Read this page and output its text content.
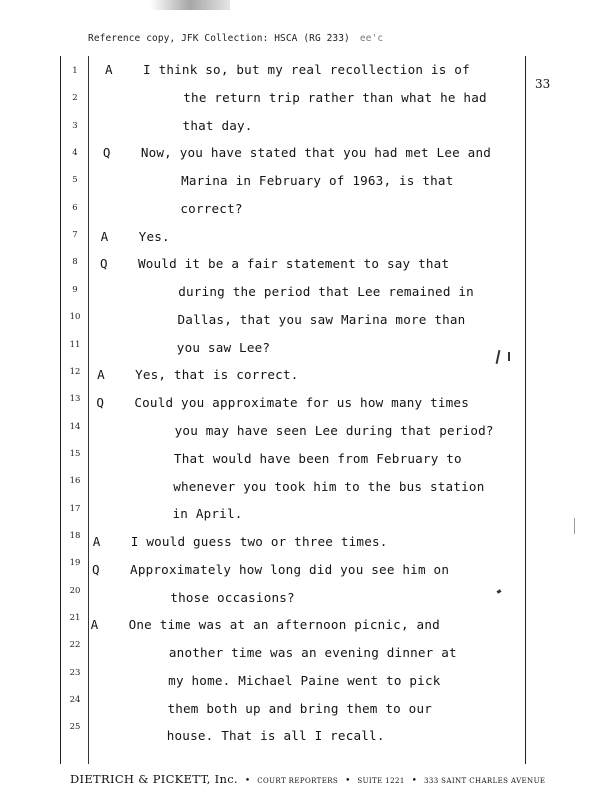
Reference copy, JFK Collection: HSCA (RG 233) ee'c
33
1
2
3
4
5
6
7
8
9
10
11
12
13
14
15
16
17
18
19
20
21
22
23
24
25
A I think so, but my real recollection is of
the return trip rather than what he had
that day.
Q Now, you have stated that you had met Lee and
Marina in February of 1963, is that
correct?
A Yes.
Q Would it be a fair statement to say that
during the period that Lee remained in
Dallas, that you saw Marina more than
you saw Lee?
A Yes, that is correct.
Q Could you approximate for us how many times
you may have seen Lee during that period?
That would have been from February to
whenever you took him to the bus station
in April.
A I would guess two or three times.
Q Approximately how long did you see him on
those occasions?
A One time was at an afternoon picnic, and
another time was an evening dinner at
my home. Michael Paine went to pick
them both up and bring them to our
house. That is all I recall.
DIETRICH & PICKETT, Inc. • COURT REPORTERS • SUITE 1221 • 333 SAINT CHARLES AVENUE
